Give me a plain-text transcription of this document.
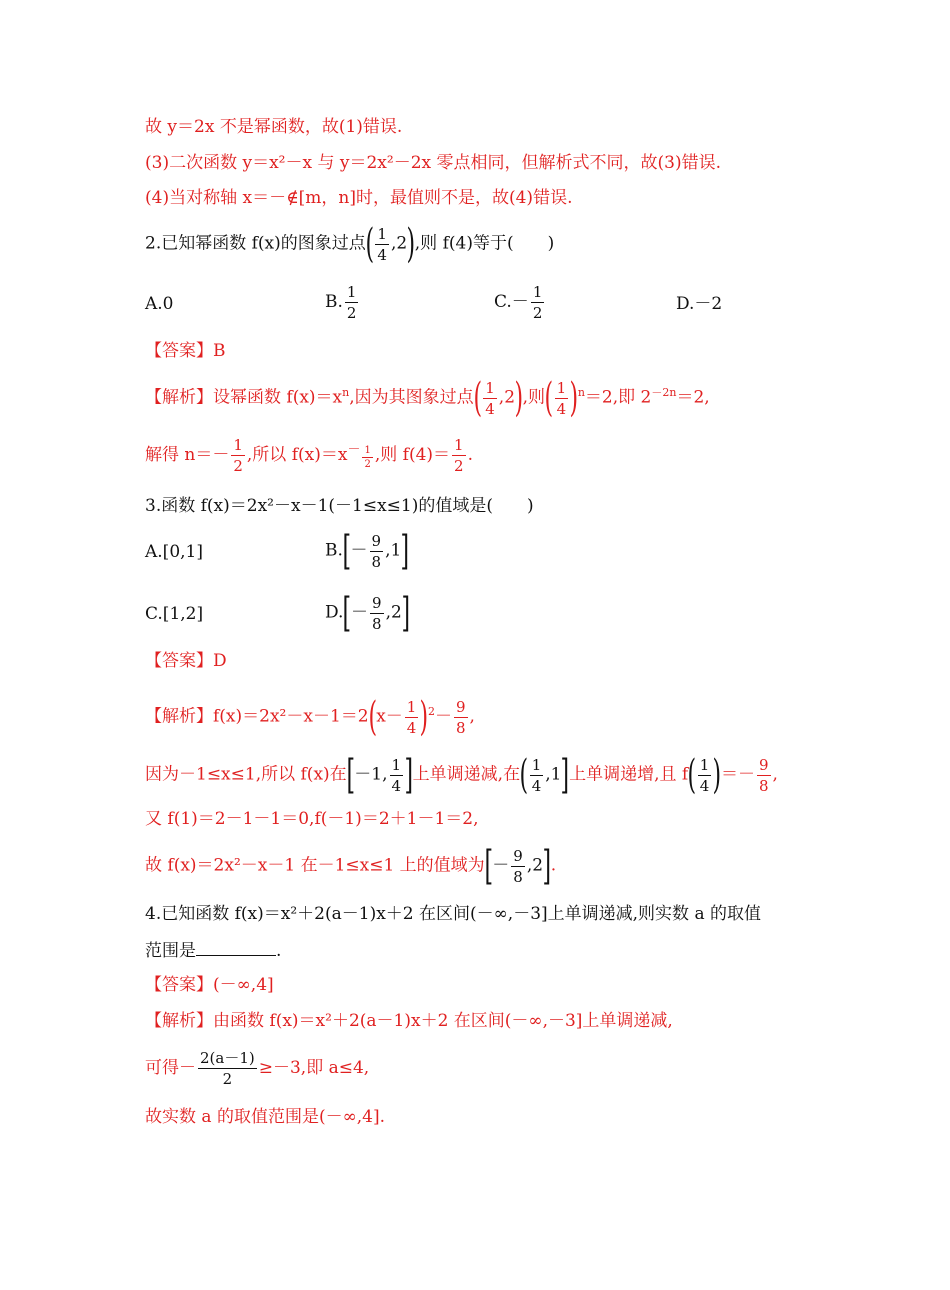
故 y＝2x 不是幂函数，故(1)错误.
(3)二次函数 y＝x²－x 与 y＝2x²－2x 零点相同，但解析式不同，故(3)错误.
(4)当对称轴 x＝－∉[m，n]时，最值则不是，故(4)错误.
2.已知幂函数 f(x)的图象过点( $\frac{1}{4} ,2$),则 f(4)等于(　　)
A.0	B. $\frac{1}{2}$	$C.- \frac{1}{2}$	D.－2
【答案】B
【解析】设幂函数 $f(x)=x^n$,因为其图象过点( $\frac{1}{4} ,2$),则( $\frac{1}{4} )^n=2$,即 $2^{-2n}=2$,
解得 $n=- \frac{1}{2}$ ,所以 $f(x)=x^- \frac{1}{2}$ ,则 $f(4)= \frac{1}{2}$ .
3.函数 f(x)＝2x²－x－1(－1≤x≤1)的值域是(　　)
A.[0,1]	$B.[- \frac{9}{8} ,1]$
C.[1,2]	$D.[- \frac{9}{8} ,2]$
【答案】D
【解析】$f(x)=2x^2-x-1=2(x- \frac{1}{4} )^2- \frac{9}{8}$ ,
因为－1≤x≤1,所以 f(x)在[－1, $\frac{1}{4}$ ]上单调递减,在( $\frac{1}{4} ,1$]上单调递增,且 $f( \frac{1}{4}$ )＝－ $\frac{9}{8}$ ,
又 f(1)＝2－1－1＝0,f(－1)＝2＋1－1＝2,
故 f(x)＝2x²－x－1 在－1≤x≤1 上的值域为[－ $\frac{9}{8} ,2$].
4.已知函数 f(x)＝x²＋2(a－1)x＋2 在区间(－∞,－3]上单调递减,则实数 a 的取值
范围是	.
【答案】(－∞,4]
【解析】由函数 f(x)＝x²＋2(a－1)x＋2 在区间(－∞,－3]上单调递减,
可得－ $\frac{2(a-1)}{2} \ge-3$,即 a≤4,
故实数 a 的取值范围是(－∞,4].
